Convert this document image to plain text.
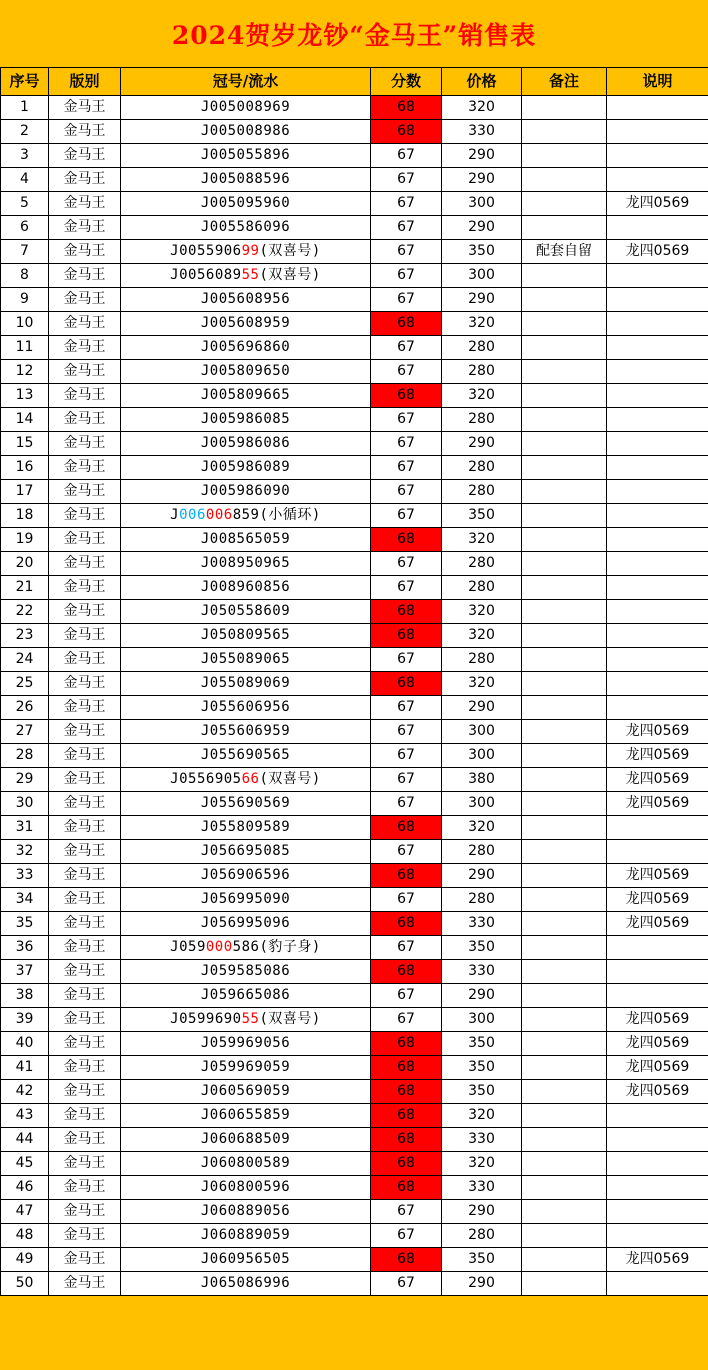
2024贺岁龙钞“金马王”销售表
序号	版别	冠号/流水	分数	价格	备注	说明
1	金马王	J005008969	68	320		
2	金马王	J005008986	68	330		
3	金马王	J005055896	67	290		
4	金马王	J005088596	67	290		
5	金马王	J005095960	67	300		龙四0569
6	金马王	J005586096	67	290		
7	金马王	J005590699(双喜号)	67	350	配套自留	龙四0569
8	金马王	J005608955(双喜号)	67	300		
9	金马王	J005608956	67	290		
10	金马王	J005608959	68	320		
11	金马王	J005696860	67	280		
12	金马王	J005809650	67	280		
13	金马王	J005809665	68	320		
14	金马王	J005986085	67	280		
15	金马王	J005986086	67	290		
16	金马王	J005986089	67	280		
17	金马王	J005986090	67	280		
18	金马王	J006006859(小循环)	67	350		
19	金马王	J008565059	68	320		
20	金马王	J008950965	67	280		
21	金马王	J008960856	67	280		
22	金马王	J050558609	68	320		
23	金马王	J050809565	68	320		
24	金马王	J055089065	67	280		
25	金马王	J055089069	68	320		
26	金马王	J055606956	67	290		
27	金马王	J055606959	67	300		龙四0569
28	金马王	J055690565	67	300		龙四0569
29	金马王	J055690566(双喜号)	67	380		龙四0569
30	金马王	J055690569	67	300		龙四0569
31	金马王	J055809589	68	320		
32	金马王	J056695085	67	280		
33	金马王	J056906596	68	290		龙四0569
34	金马王	J056995090	67	280		龙四0569
35	金马王	J056995096	68	330		龙四0569
36	金马王	J059000586(豹子身)	67	350		
37	金马王	J059585086	68	330		
38	金马王	J059665086	67	290		
39	金马王	J059969055(双喜号)	67	300		龙四0569
40	金马王	J059969056	68	350		龙四0569
41	金马王	J059969059	68	350		龙四0569
42	金马王	J060569059	68	350		龙四0569
43	金马王	J060655859	68	320		
44	金马王	J060688509	68	330		
45	金马王	J060800589	68	320		
46	金马王	J060800596	68	330		
47	金马王	J060889056	67	290		
48	金马王	J060889059	67	280		
49	金马王	J060956505	68	350		龙四0569
50	金马王	J065086996	67	290		
